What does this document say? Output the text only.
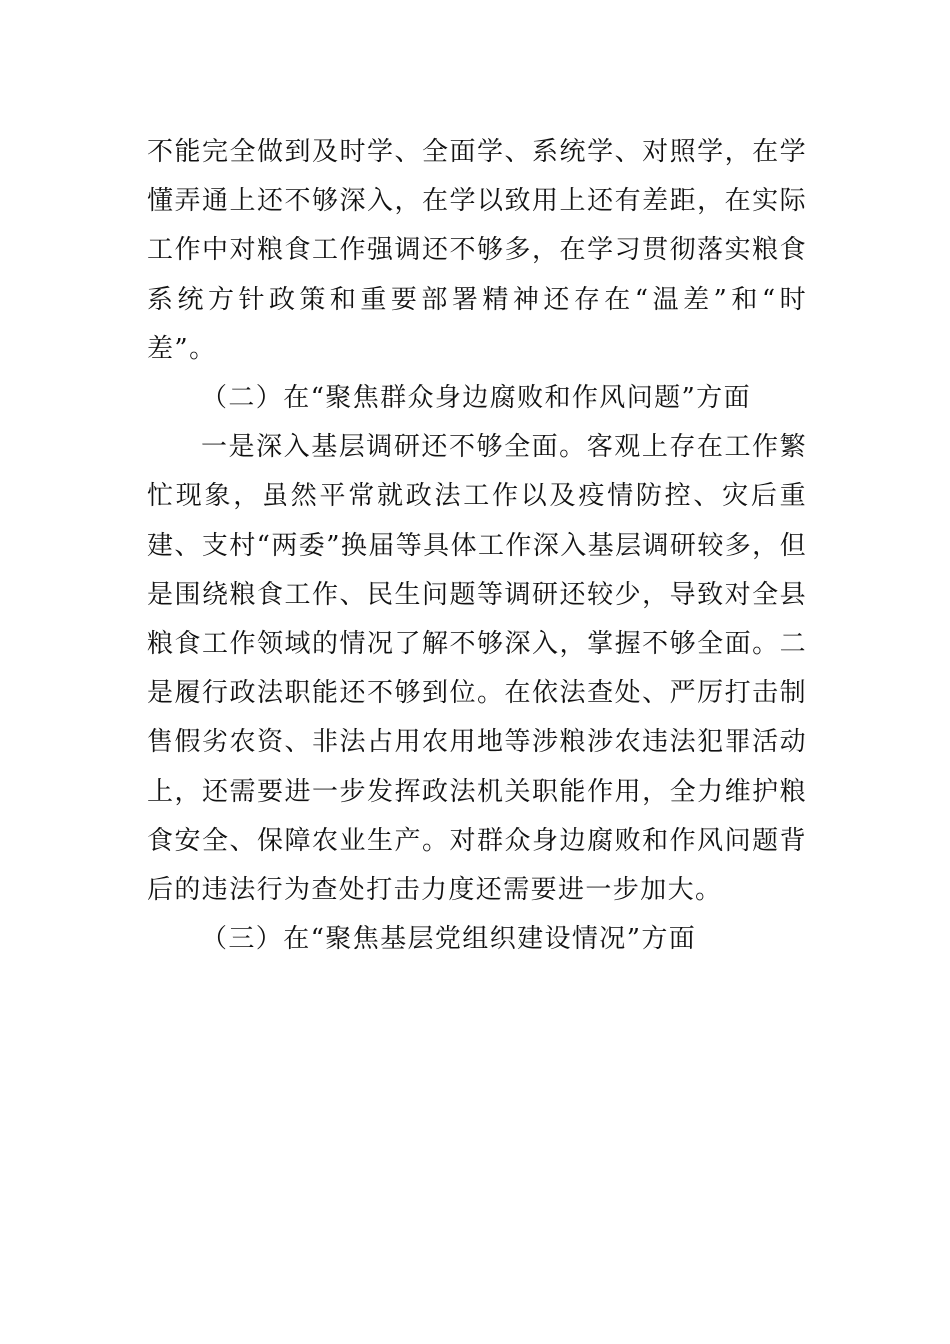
不能完全做到及时学、全面学、系统学、对照学，在学懂弄通上还不够深入，在学以致用上还有差距，在实际工作中对粮食工作强调还不够多，在学习贯彻落实粮食系统方针政策和重要部署精神还存在“温差”和“时差”。

（二）在“聚焦群众身边腐败和作风问题”方面

一是深入基层调研还不够全面。客观上存在工作繁忙现象，虽然平常就政法工作以及疫情防控、灾后重建、支村“两委”换届等具体工作深入基层调研较多，但是围绕粮食工作、民生问题等调研还较少，导致对全县粮食工作领域的情况了解不够深入，掌握不够全面。二是履行政法职能还不够到位。在依法查处、严厉打击制售假劣农资、非法占用农用地等涉粮涉农违法犯罪活动上，还需要进一步发挥政法机关职能作用，全力维护粮食安全、保障农业生产。对群众身边腐败和作风问题背后的违法行为查处打击力度还需要进一步加大。

（三）在“聚焦基层党组织建设情况”方面
